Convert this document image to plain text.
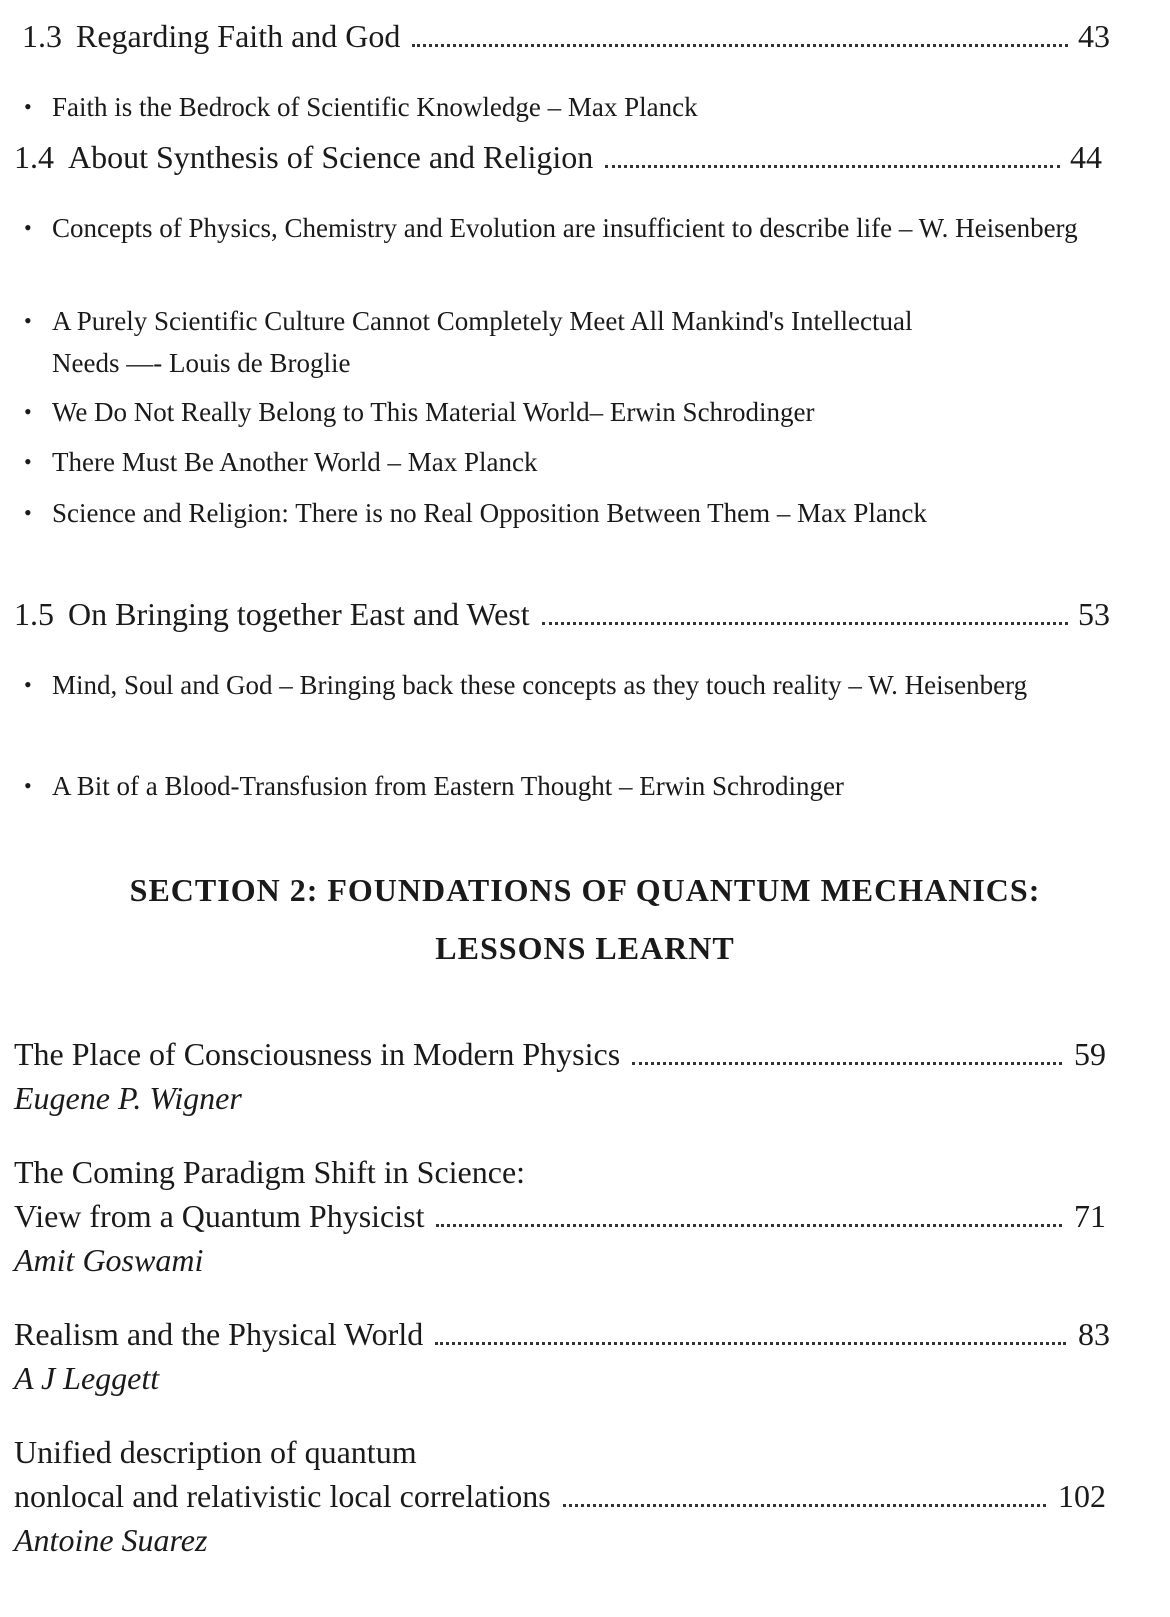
1.3 Regarding Faith and God	43
• Faith is the Bedrock of Scientific Knowledge – Max Planck
1.4 About Synthesis of Science and Religion	44
• Concepts of Physics, Chemistry and Evolution are insufficient to describe life – W. Heisenberg
• A Purely Scientific Culture Cannot Completely Meet All Mankind's Intellectual Needs —- Louis de Broglie
• We Do Not Really Belong to This Material World– Erwin Schrodinger
• There Must Be Another World – Max Planck
• Science and Religion: There is no Real Opposition Between Them – Max Planck
1.5 On Bringing together East and West	53
• Mind, Soul and God – Bringing back these concepts as they touch reality – W. Heisenberg
• A Bit of a Blood-Transfusion from Eastern Thought – Erwin Schrodinger
SECTION 2: FOUNDATIONS OF QUANTUM MECHANICS:
LESSONS LEARNT
The Place of Consciousness in Modern Physics	59
Eugene P. Wigner
The Coming Paradigm Shift in Science:
View from a Quantum Physicist	71
Amit Goswami
Realism and the Physical World	83
A J Leggett
Unified description of quantum
nonlocal and relativistic local correlations	102
Antoine Suarez
